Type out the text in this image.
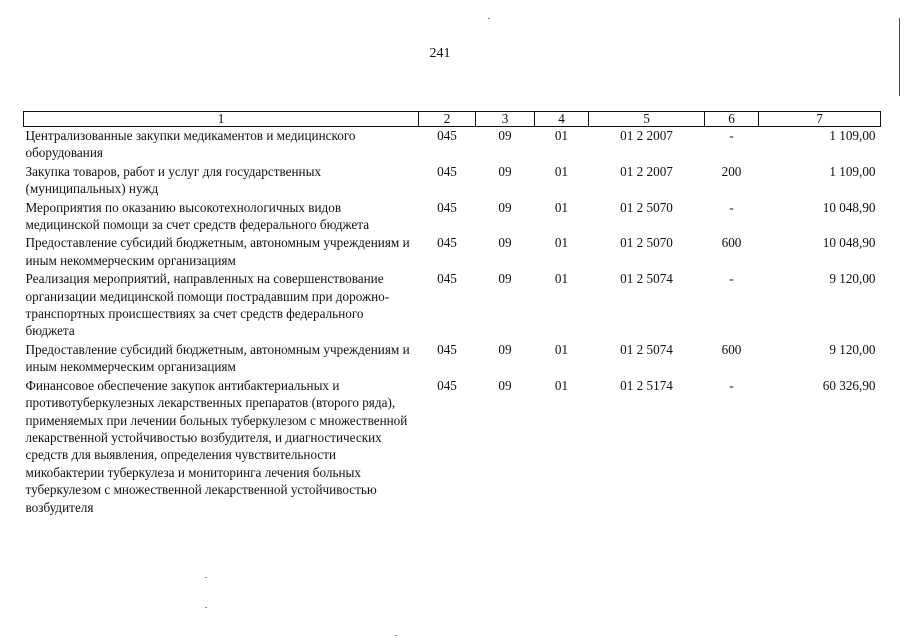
241
1	2	3	4	5	6	7
Централизованные закупки медикаментов и медицинского оборудования	045	09	01	01 2 2007	-	1 109,00
Закупка товаров, работ и услуг для государственных (муниципальных) нужд	045	09	01	01 2 2007	200	1 109,00
Мероприятия по оказанию высокотехнологичных видов медицинской помощи за счет средств федерального бюджета	045	09	01	01 2 5070	-	10 048,90
Предоставление субсидий бюджетным, автономным учреждениям и иным некоммерческим организациям	045	09	01	01 2 5070	600	10 048,90
Реализация мероприятий, направленных на совершенствование организации медицинской помощи пострадавшим при дорожно-транспортных происшествиях за счет средств федерального бюджета	045	09	01	01 2 5074	-	9 120,00
Предоставление субсидий бюджетным, автономным учреждениям и иным некоммерческим организациям	045	09	01	01 2 5074	600	9 120,00
Финансовое обеспечение закупок антибактериальных и противотуберкулезных лекарственных препаратов (второго ряда), применяемых при лечении больных туберкулезом с множественной лекарственной устойчивостью возбудителя, и диагностических средств для выявления, определения чувствительности микобактерии туберкулеза и мониторинга лечения больных туберкулезом с множественной лекарственной устойчивостью возбудителя	045	09	01	01 2 5174	-	60 326,90
